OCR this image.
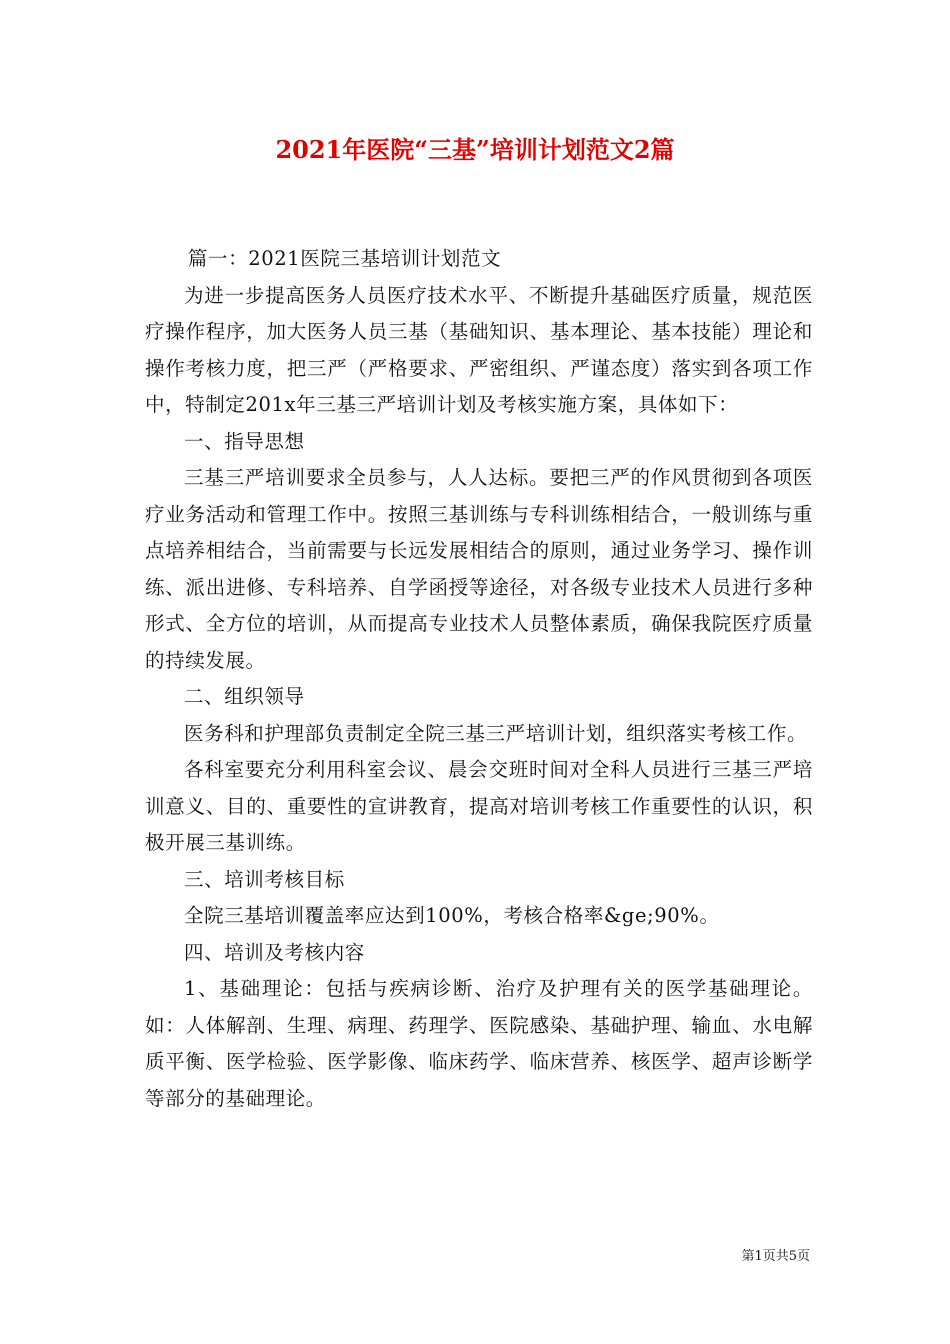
2021年医院“三基”培训计划范文2篇

篇一：2021医院三基培训计划范文

为进一步提高医务人员医疗技术水平、不断提升基础医疗质量，规范医疗操作程序，加大医务人员三基（基础知识、基本理论、基本技能）理论和操作考核力度，把三严（严格要求、严密组织、严谨态度）落实到各项工作中，特制定201x年三基三严培训计划及考核实施方案，具体如下：

一、指导思想

三基三严培训要求全员参与，人人达标。要把三严的作风贯彻到各项医疗业务活动和管理工作中。按照三基训练与专科训练相结合，一般训练与重点培养相结合，当前需要与长远发展相结合的原则，通过业务学习、操作训练、派出进修、专科培养、自学函授等途径，对各级专业技术人员进行多种形式、全方位的培训，从而提高专业技术人员整体素质，确保我院医疗质量的持续发展。

二、组织领导

医务科和护理部负责制定全院三基三严培训计划，组织落实考核工作。

各科室要充分利用科室会议、晨会交班时间对全科人员进行三基三严培训意义、目的、重要性的宣讲教育，提高对培训考核工作重要性的认识，积极开展三基训练。

三、培训考核目标

全院三基培训覆盖率应达到100%，考核合格率&ge;90%。

四、培训及考核内容

1、基础理论：包括与疾病诊断、治疗及护理有关的医学基础理论。如：人体解剖、生理、病理、药理学、医院感染、基础护理、输血、水电解质平衡、医学检验、医学影像、临床药学、临床营养、核医学、超声诊断学等部分的基础理论。

第1页共5页
